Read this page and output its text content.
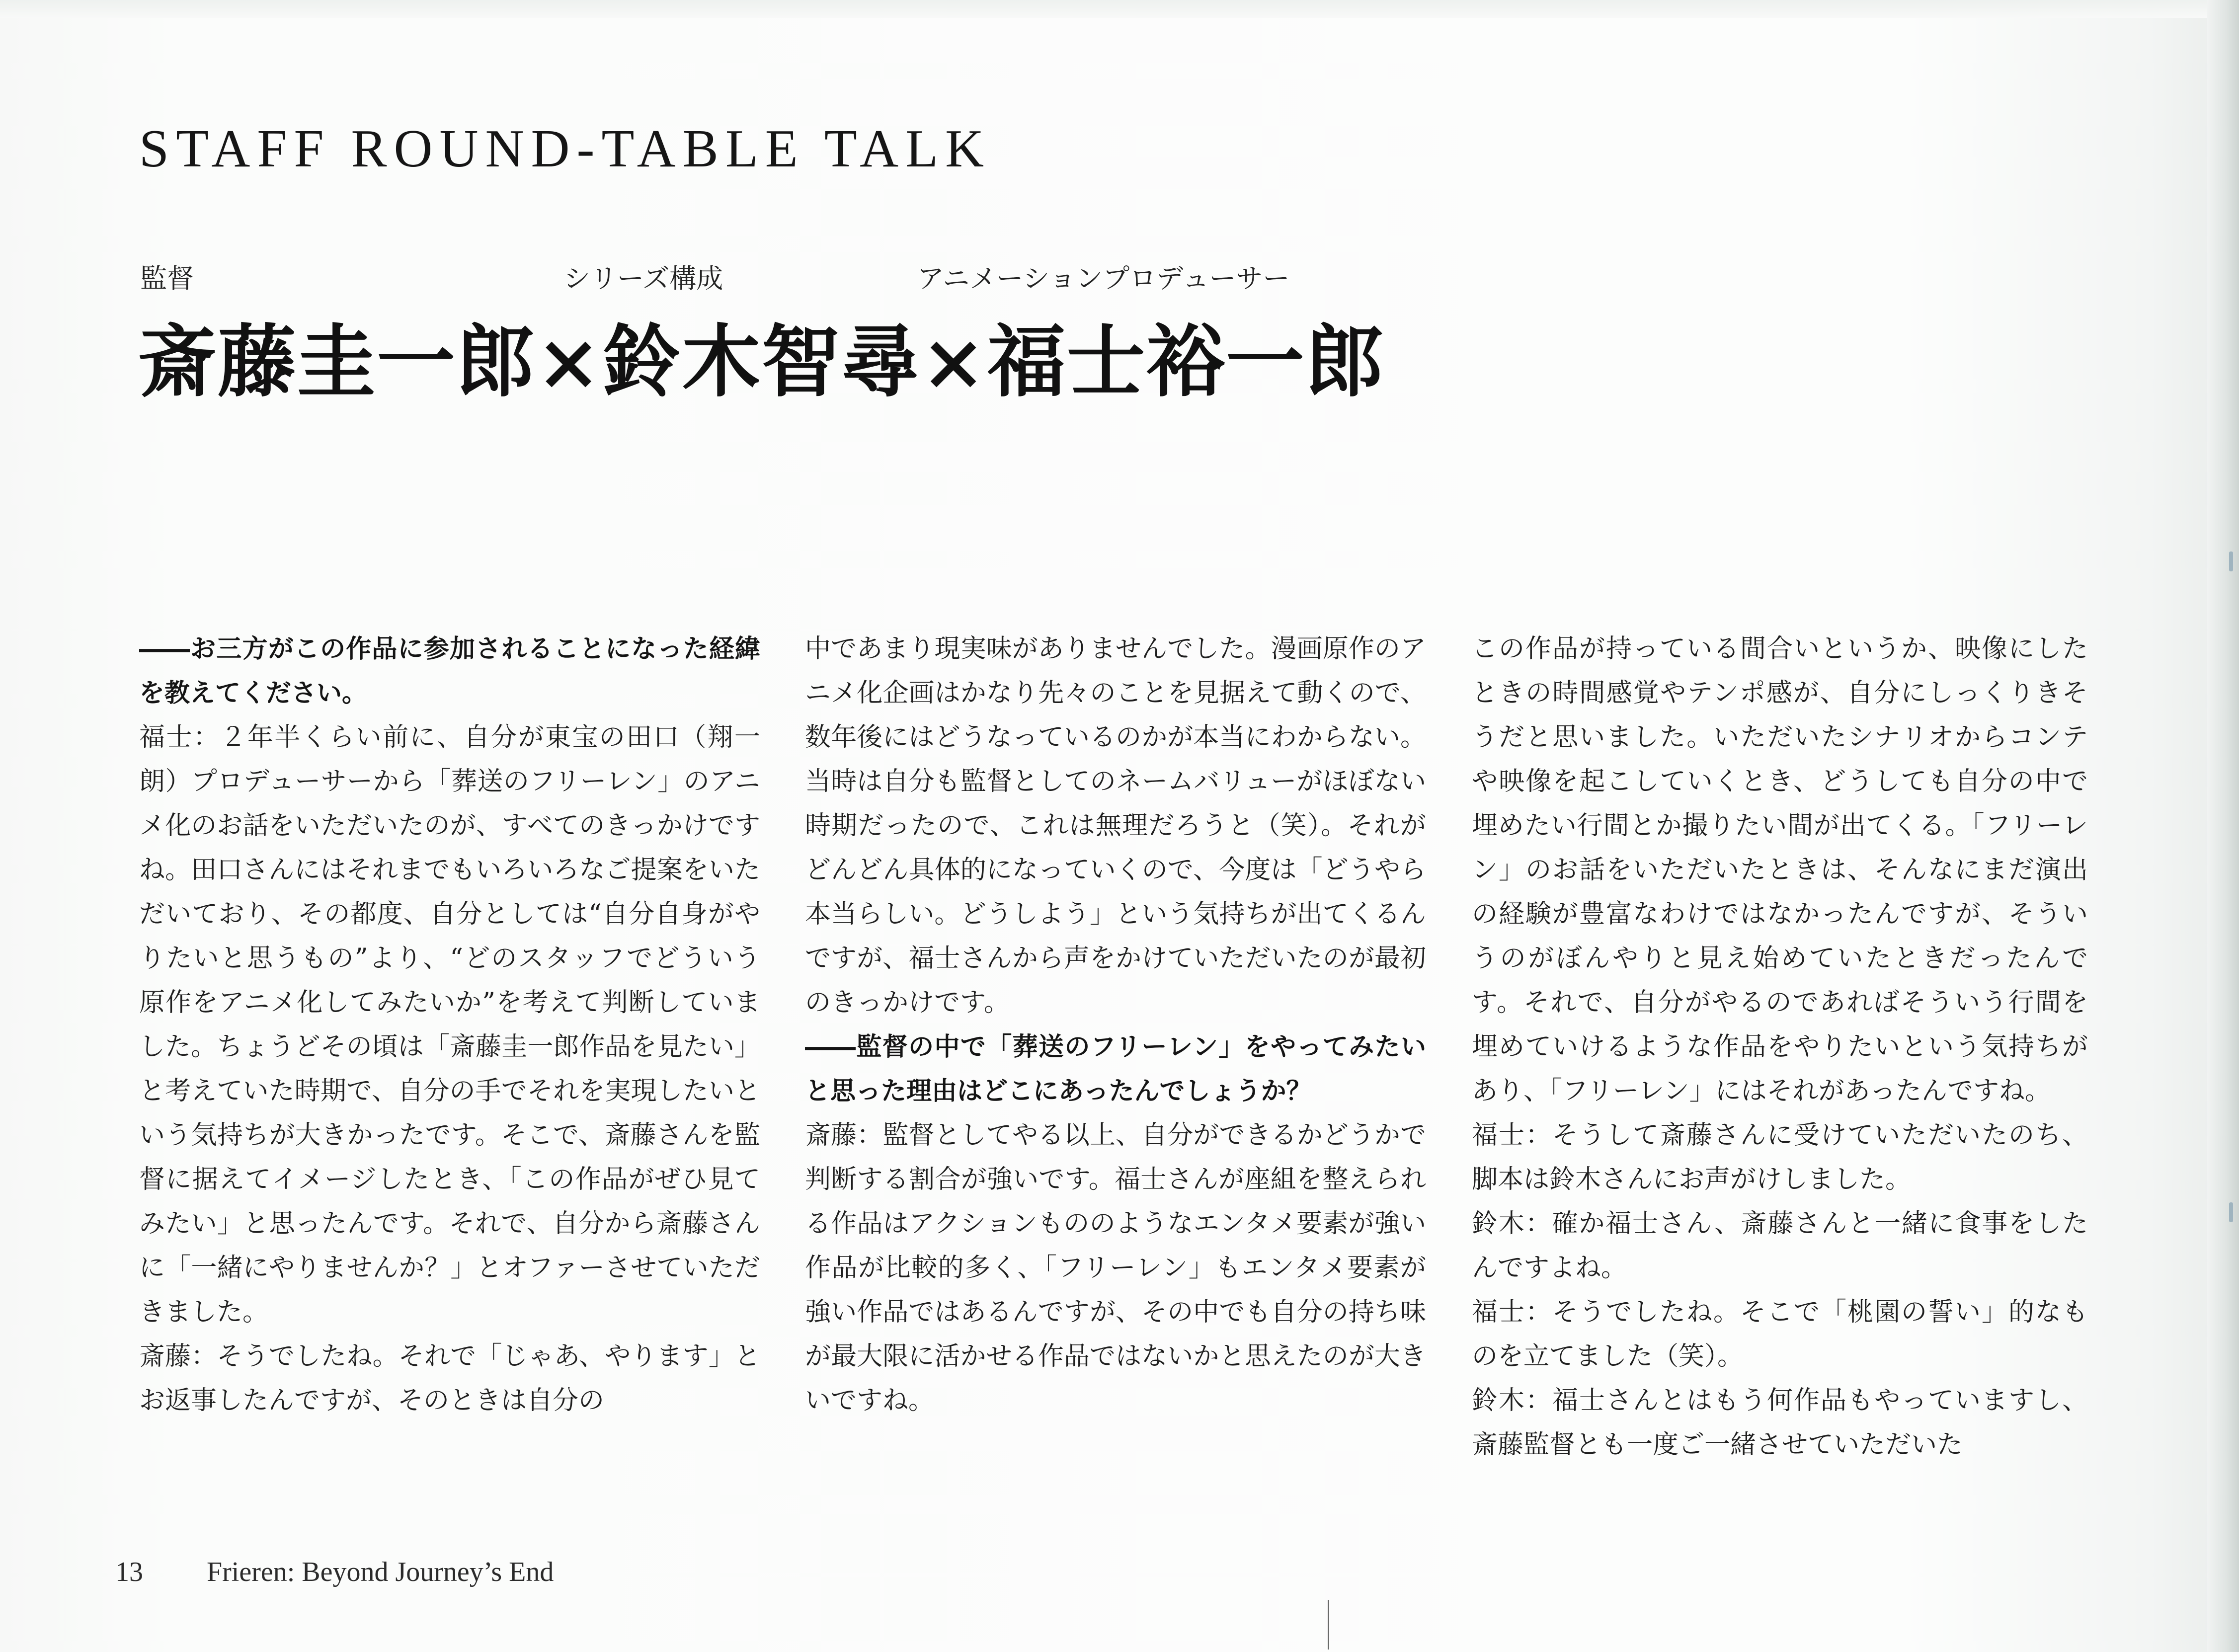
STAFF ROUND-TABLE TALK
監督	シリーズ構成	アニメーションプロデューサー
斎藤圭一郎×鈴木智尋×福士裕一郎

――お三方がこの作品に参加されることになった経緯を教えてください。

福士：２年半くらい前に、自分が東宝の田口（翔一朗）プロデューサーから「葬送のフリーレン」のアニメ化のお話をいただいたのが、すべてのきっかけですね。田口さんにはそれまでもいろいろなご提案をいただいており、その都度、自分としては“自分自身がやりたいと思うもの”より、“どのスタッフでどういう原作をアニメ化してみたいか”を考えて判断していました。ちょうどその頃は「斎藤圭一郎作品を見たい」と考えていた時期で、自分の手でそれを実現したいという気持ちが大きかったです。そこで、斎藤さんを監督に据えてイメージしたとき、「この作品がぜひ見てみたい」と思ったんです。それで、自分から斎藤さんに「一緒にやりませんか？」とオファーさせていただきました。

斎藤：そうでしたね。それで「じゃあ、やります」とお返事したんですが、そのときは自分の

中であまり現実味がありませんでした。漫画原作のアニメ化企画はかなり先々のことを見据えて動くので、数年後にはどうなっているのかが本当にわからない。当時は自分も監督としてのネームバリューがほぼない時期だったので、これは無理だろうと（笑）。それがどんどん具体的になっていくので、今度は「どうやら本当らしい。どうしよう」という気持ちが出てくるんですが、福士さんから声をかけていただいたのが最初のきっかけです。

――監督の中で「葬送のフリーレン」をやってみたいと思った理由はどこにあったんでしょうか？

斎藤：監督としてやる以上、自分ができるかどうかで判断する割合が強いです。福士さんが座組を整えられる作品はアクションもののようなエンタメ要素が強い作品が比較的多く、「フリーレン」もエンタメ要素が強い作品ではあるんですが、その中でも自分の持ち味が最大限に活かせる作品ではないかと思えたのが大きいですね。

この作品が持っている間合いというか、映像にしたときの時間感覚やテンポ感が、自分にしっくりきそうだと思いました。いただいたシナリオからコンテや映像を起こしていくとき、どうしても自分の中で埋めたい行間とか撮りたい間が出てくる。「フリーレン」のお話をいただいたときは、そんなにまだ演出の経験が豊富なわけではなかったんですが、そういうのがぼんやりと見え始めていたときだったんです。それで、自分がやるのであればそういう行間を埋めていけるような作品をやりたいという気持ちがあり、「フリーレン」にはそれがあったんですね。

福士：そうして斎藤さんに受けていただいたのち、脚本は鈴木さんにお声がけしました。

鈴木：確か福士さん、斎藤さんと一緒に食事をしたんですよね。

福士：そうでしたね。そこで「桃園の誓い」的なものを立てました（笑）。

鈴木：福士さんとはもう何作品もやっていますし、斎藤監督とも一度ご一緒させていただいた

13 Frieren: Beyond Journey’s End
